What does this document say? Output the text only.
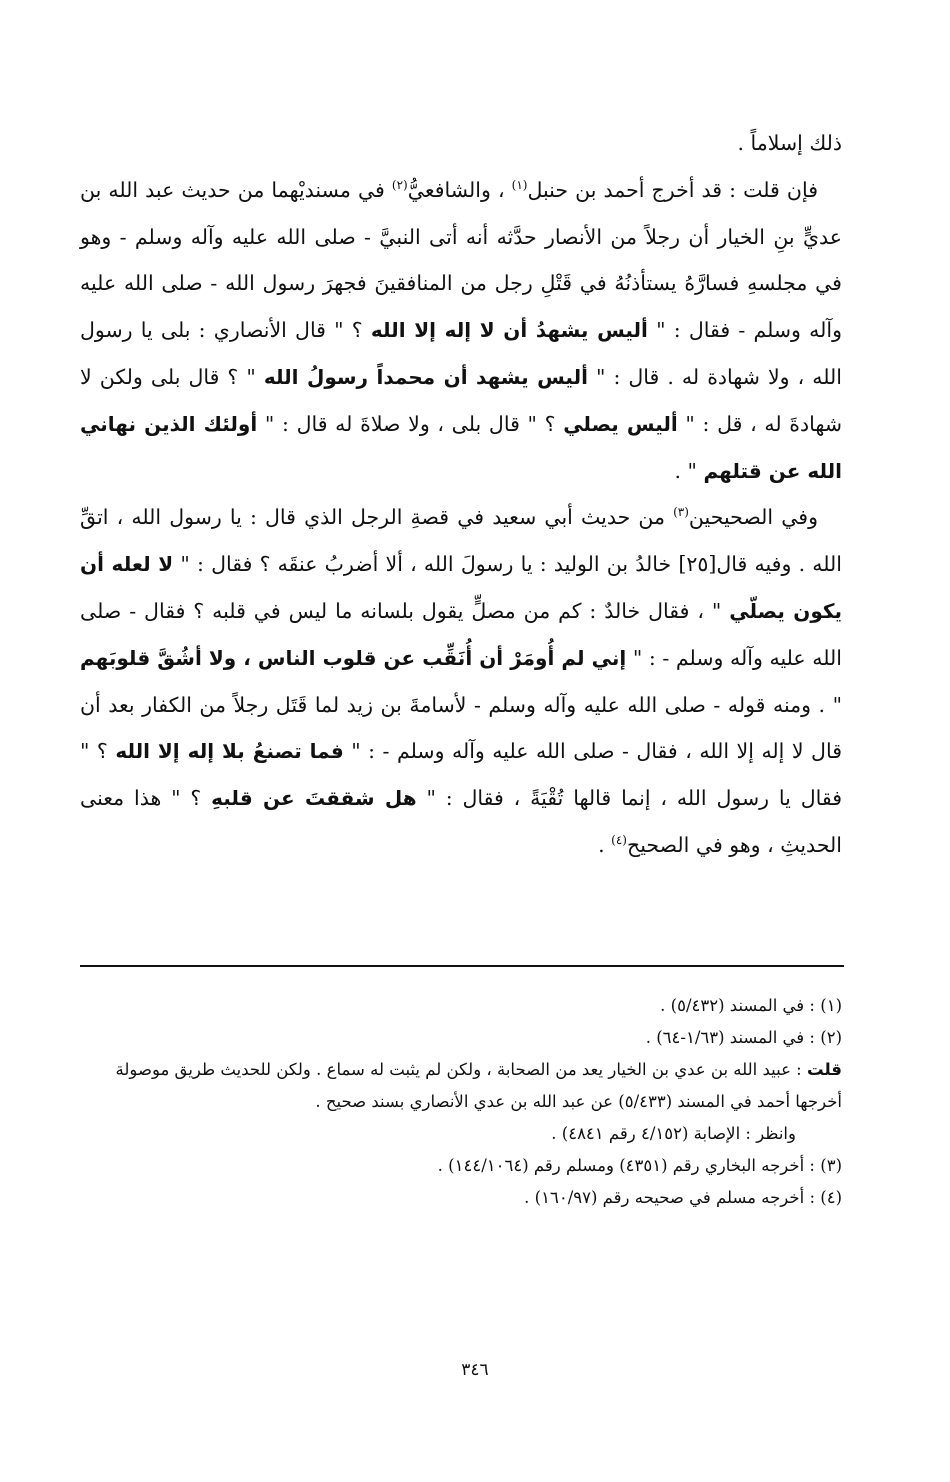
ذلك إسلاماً .

فإن قلت : قد أخرج أحمد بن حنبل$^{(١)}$ ، والشافعيُّ$^{(٢)}$ في مسنديْهما من حديث عبد الله بن عديٍّ بنِ الخيار أن رجلاً من الأنصار حدَّثه أنه أتى النبيَّ - صلى الله عليه وآله وسلم - وهو في مجلسهِ فسارَّهُ يستأذنُهُ في قَتْلِ رجل من المنافقينَ فجهرَ رسول الله - صلى الله عليه وآله وسلم - فقال : " أليس يشهدُ أن لا إله إلا الله ؟ " قال الأنصاري : بلى يا رسول الله ، ولا شهادة له . قال : " أليس يشهد أن محمداً رسولُ الله " ؟ قال بلى ولكن لا شهادةَ له ، قل : " أليس يصلي ؟ " قال بلى ، ولا صلاةَ له قال : " أولئك الذين نهاني الله عن قتلهم " .

وفي الصحيحين$^{(٣)}$ من حديث أبي سعيد في قصةِ الرجل الذي قال : يا رسول الله ، اتقِّ الله . وفيه قال[٢٥] خالدُ بن الوليد : يا رسولَ الله ، ألا أضربُ عنقَه ؟ فقال : " لا لعله أن يكون يصلّي " ، فقال خالدٌ : كم من مصلٍّ يقول بلسانه ما ليس في قلبه ؟ فقال - صلى الله عليه وآله وسلم - : " إني لم أُومَرْ أن أُنَقِّب عن قلوب الناس ، ولا أشُقَّ قلوبَهم " . ومنه قوله - صلى الله عليه وآله وسلم - لأسامةَ بن زيد لما قَتَل رجلاً من الكفار بعد أن قال لا إله إلا الله ، فقال - صلى الله عليه وآله وسلم - : " فما تصنعُ بلا إله إلا الله ؟ " فقال يا رسول الله ، إنما قالها تُقْيَةً ، فقال : " هل شققتَ عن قلبهِ ؟ " هذا معنى الحديثِ ، وهو في الصحيح$^{(٤)}$ .

(١) : في المسند (٥/٤٣٢) .

(٢) : في المسند (١/٦٣-٦٤) .

قلت : عبيد الله بن عدي بن الخيار يعد من الصحابة ، ولكن لم يثبت له سماع . ولكن للحديث طريق موصولة أخرجها أحمد في المسند (٥/٤٣٣) عن عبد الله بن عدي الأنصاري بسند صحيح .

وانظر : الإصابة (٤/١٥٢ رقم ٤٨٤١) .

(٣) : أخرجه البخاري رقم (٤٣٥١) ومسلم رقم (١٤٤/١٠٦٤) .

(٤) : أخرجه مسلم في صحيحه رقم (١٦٠/٩٧) .

٣٤٦
